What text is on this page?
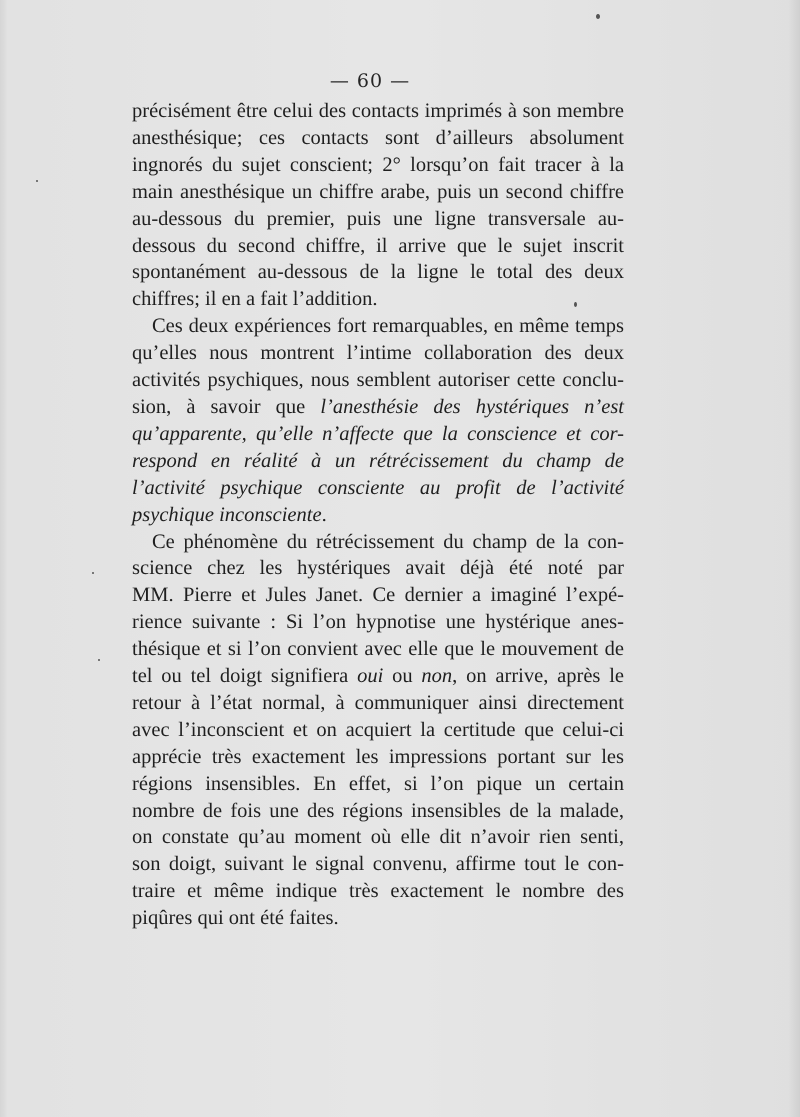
— 60 —
précisément être celui des contacts imprimés à son membre
anesthésique; ces contacts sont d’ailleurs absolument
ingnorés du sujet conscient; 2° lorsqu’on fait tracer à la
main anesthésique un chiffre arabe, puis un second chiffre
au-dessous du premier, puis une ligne transversale au-
dessous du second chiffre, il arrive que le sujet inscrit
spontanément au-dessous de la ligne le total des deux
chiffres; il en a fait l’addition.
Ces deux expériences fort remarquables, en même temps
qu’elles nous montrent l’intime collaboration des deux
activités psychiques, nous semblent autoriser cette conclu-
sion, à savoir que l’anesthésie des hystériques n’est
qu’apparente, qu’elle n’affecte que la conscience et cor-
respond en réalité à un rétrécissement du champ de
l’activité psychique consciente au profit de l’activité
psychique inconsciente.
Ce phénomène du rétrécissement du champ de la con-
science chez les hystériques avait déjà été noté par
MM. Pierre et Jules Janet. Ce dernier a imaginé l’expé-
rience suivante : Si l’on hypnotise une hystérique anes-
thésique et si l’on convient avec elle que le mouvement de
tel ou tel doigt signifiera oui ou non, on arrive, après le
retour à l’état normal, à communiquer ainsi directement
avec l’inconscient et on acquiert la certitude que celui-ci
apprécie très exactement les impressions portant sur les
régions insensibles. En effet, si l’on pique un certain
nombre de fois une des régions insensibles de la malade,
on constate qu’au moment où elle dit n’avoir rien senti,
son doigt, suivant le signal convenu, affirme tout le con-
traire et même indique très exactement le nombre des
piqûres qui ont été faites.
